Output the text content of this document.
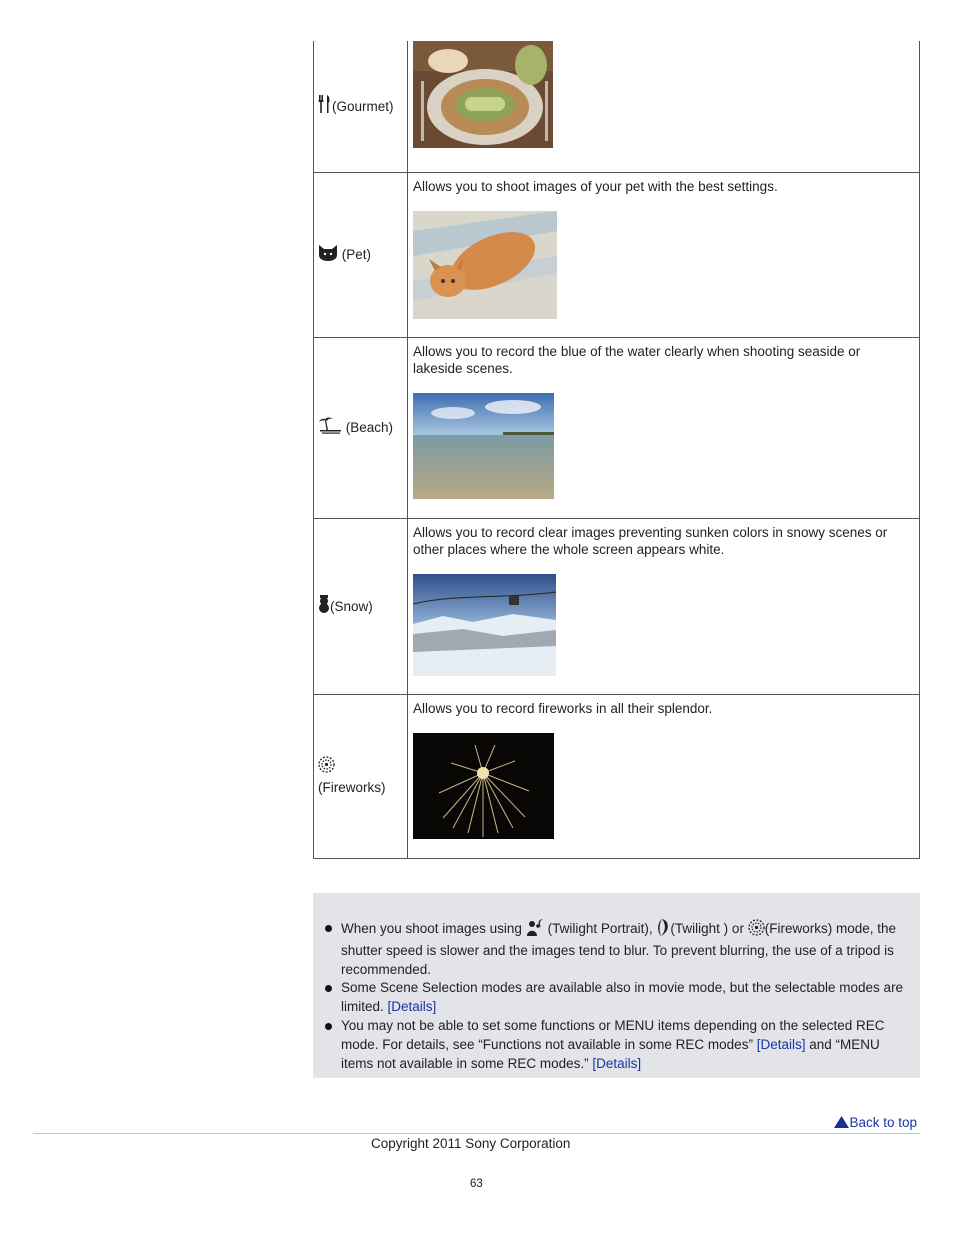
(Gourmet)	

(Pet)	Allows you to shoot images of your pet with the best settings.

(Beach)	Allows you to record the blue of the water clearly when shooting seaside or lakeside scenes.

(Snow)	Allows you to record clear images preventing sunken colors in snowy scenes or other places where the whole screen appears white.

(Fireworks)	Allows you to record fireworks in all their splendor.
When you shoot images using (Twilight Portrait), (Twilight ) or (Fireworks) mode, the shutter speed is slower and the images tend to blur. To prevent blurring, the use of a tripod is recommended.
Some Scene Selection modes are available also in movie mode, but the selectable modes are limited. [Details]
You may not be able to set some functions or MENU items depending on the selected REC mode. For details, see “Functions not available in some REC modes” [Details] and “MENU items not available in some REC modes.” [Details]
Back to top
Copyright 2011 Sony Corporation
63
